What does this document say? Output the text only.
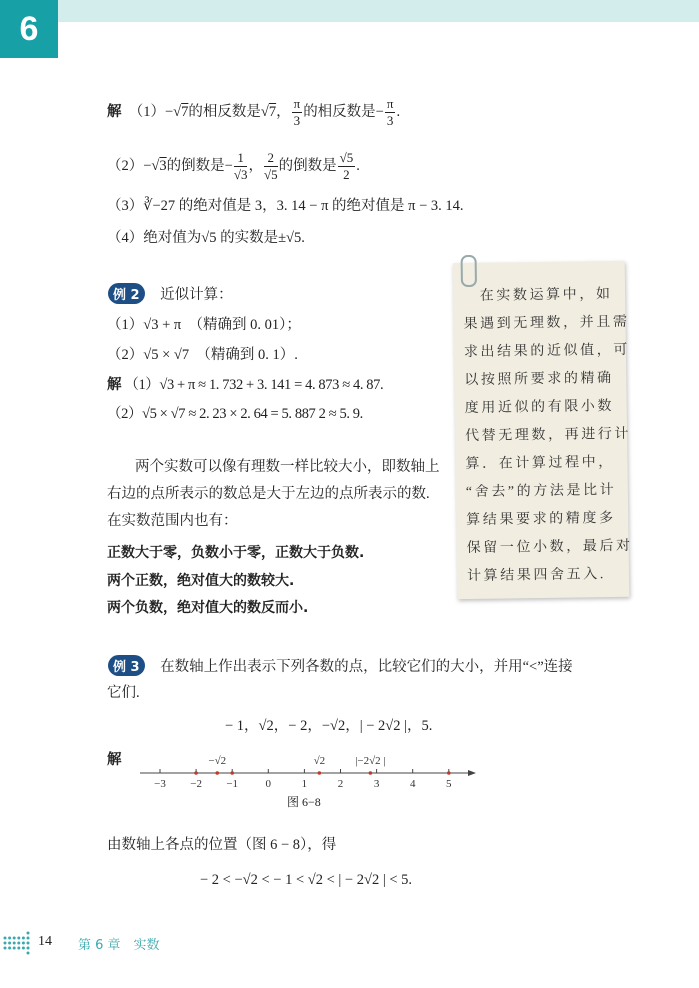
6
解　 （1）−√7的相反数是√7， $\frac{\pi}{3}$ 的相反数是− $\frac{\pi}{3}$ .
（2）−√3的倒数是− $\frac{1}{√3}$ ， $\frac{2}{√5}$ 的倒数是 $\frac{√5}{2}$ .
（3）∛−27 的绝对值是 3，3. 14 − π 的绝对值是 π − 3. 14.
（4）绝对值为√5 的实数是±√5.
例 2　 近似计算：
（1）√3 + π　（精确到 0. 01）；
（2）√5 × √7　（精确到 0. 1）.
解 （1）√3 + π ≈ 1. 732 + 3. 141 = 4. 873 ≈ 4. 87.
（2）√5 × √7 ≈ 2. 23 × 2. 64 = 5. 887 2 ≈ 5. 9.
　在实数运算中，如
果遇到无理数，并且需
求出结果的近似值，可
以按照所要求的精确
度用近似的有限小数
代替无理数，再进行计
算．在计算过程中，
“舍去”的方法是比计
算结果要求的精度多
保留一位小数，最后对
计算结果四舍五入.
两个实数可以像有理数一样比较大小，即数轴上
右边的点所表示的数总是大于左边的点所表示的数.
在实数范围内也有：
正数大于零，负数小于零，正数大于负数.
两个正数，绝对值大的数较大.
两个负数，绝对值大的数反而小.
例 3　 在数轴上作出表示下列各数的点，比较它们的大小，并用“<”连接
它们.
− 1，√2，− 2，−√2，| − 2√2 |，5.
解
−3 −2 −1 0	1	2	3	4	5
−√2	√2	|−2√2 |
图 6−8
由数轴上各点的位置（图 6 − 8），得
− 2 < −√2 < − 1 < √2 < | − 2√2 | < 5.
14 第 6 章　实数
